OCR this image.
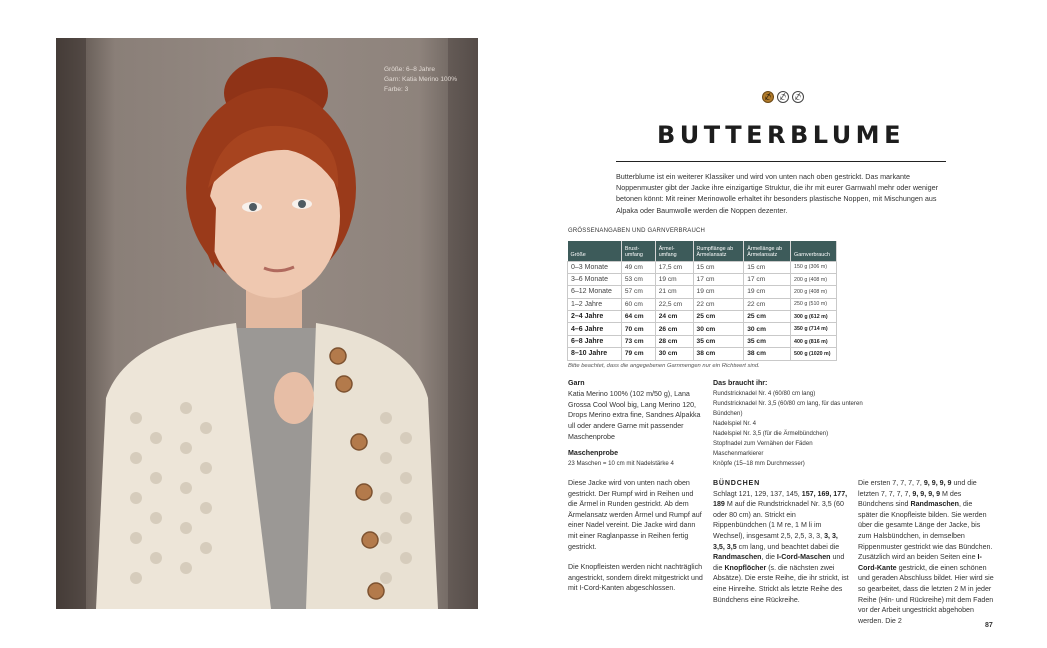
Größe: 6–8 Jahre
Garn: Katia Merino 100%
Farbe: 3
BUTTERBLUME
Butterblume ist ein weiterer Klassiker und wird von unten nach oben gestrickt. Das markante Noppenmuster gibt der Jacke ihre einzigartige Struktur, die ihr mit eurer Garnwahl mehr oder weniger betonen könnt: Mit reiner Merinowolle erhaltet ihr besonders plastische Noppen, mit Mischungen aus Alpaka oder Baumwolle werden die Noppen dezenter.
GRÖSSENANGABEN UND GARNVERBRAUCH
Größe	Brust-umfang	Ärmel-umfang	Rumpflänge ab Ärmelansatz	Ärmellänge ab Ärmelansatz	Garnverbrauch
0–3 Monate	49 cm	17,5 cm	15 cm	15 cm	150 g (306 m)
3–6 Monate	53 cm	19 cm	17 cm	17 cm	200 g (408 m)
6–12 Monate	57 cm	21 cm	19 cm	19 cm	200 g (408 m)
1–2 Jahre	60 cm	22,5 cm	22 cm	22 cm	250 g (510 m)
2–4 Jahre	64 cm	24 cm	25 cm	25 cm	300 g (612 m)
4–6 Jahre	70 cm	26 cm	30 cm	30 cm	350 g (714 m)
6–8 Jahre	73 cm	28 cm	35 cm	35 cm	400 g (816 m)
8–10 Jahre	79 cm	30 cm	38 cm	38 cm	500 g (1020 m)
Bitte beachtet, dass die angegebenen Garnmengen nur ein Richtwert sind.
Garn
Katia Merino 100% (102 m/50 g), Lana Grossa Cool Wool big, Lang Merino 120, Drops Merino extra fine, Sandnes Alpakka ull oder andere Garne mit passender Maschenprobe
Maschenprobe
23 Maschen = 10 cm mit Nadelstärke 4
Das braucht ihr:
Rundstricknadel Nr. 4 (60/80 cm lang)
Rundstricknadel Nr. 3,5 (60/80 cm lang, für das unteren Bündchen)
Nadelspiel Nr. 4
Nadelspiel Nr. 3,5 (für die Ärmelbündchen)
Stopfnadel zum Vernähen der Fäden
Maschenmarkierer
Knöpfe (15–18 mm Durchmesser)

Diese Jacke wird von unten nach oben gestrickt. Der Rumpf wird in Reihen und die Ärmel in Runden gestrickt. Ab dem Ärmelansatz werden Ärmel und Rumpf auf einer Nadel vereint. Die Jacke wird dann mit einer Raglanpasse in Reihen fertig gestrickt.

Die Knopfleisten werden nicht nachträglich angestrickt, sondern direkt mitgestrickt und mit I-Cord-Kanten abgeschlossen.

BÜNDCHEN
Schlagt 121, 129, 137, 145, 157, 169, 177, 189 M auf die Rundstricknadel Nr. 3,5 (60 oder 80 cm) an. Strickt ein Rippenbündchen (1 M re, 1 M li im Wechsel), insgesamt 2,5, 2,5, 3, 3, 3, 3, 3,5, 3,5 cm lang, und beachtet dabei die Randmaschen, die I-Cord-Maschen und die Knopflöcher (s. die nächsten zwei Absätze). Die erste Reihe, die ihr strickt, ist eine Hinreihe. Strickt als letzte Reihe des Bündchens eine Rückreihe.
Die ersten 7, 7, 7, 7, 9, 9, 9, 9 und die letzten 7, 7, 7, 7, 9, 9, 9, 9 M des Bündchens sind Randmaschen, die später die Knopfleiste bilden. Sie werden über die gesamte Länge der Jacke, bis zum Halsbündchen, in demselben Rippenmuster gestrickt wie das Bündchen. Zusätzlich wird an beiden Seiten eine I-Cord-Kante gestrickt, die einen schönen und geraden Abschluss bildet. Hier wird sie so gearbeitet, dass die letzten 2 M in jeder Reihe (Hin- und Rückreihe) mit dem Faden vor der Arbeit ungestrickt abgehoben werden. Die 2
87
